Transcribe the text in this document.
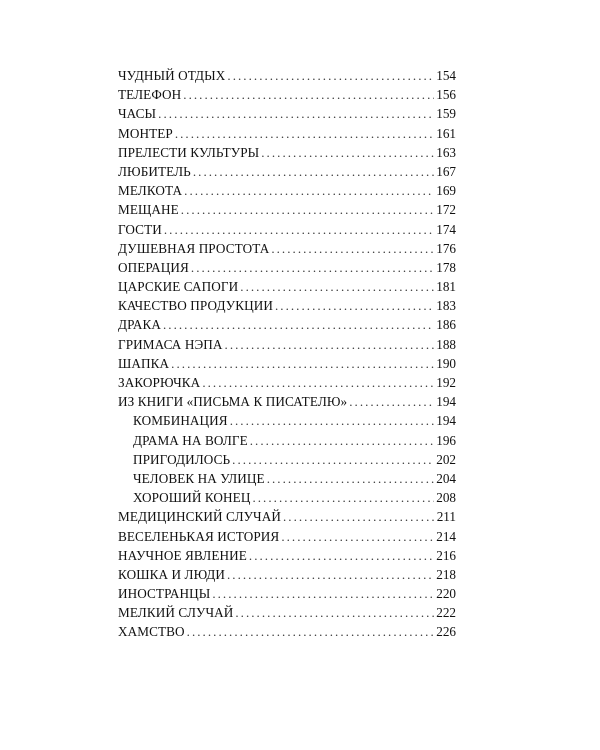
ЧУДНЫЙ ОТДЫХ . . .	154
ТЕЛЕФОН . . .	156
ЧАСЫ . . .	159
МОНТЕР . . .	161
ПРЕЛЕСТИ КУЛЬТУРЫ . . .	163
ЛЮБИТЕЛЬ . . .	167
МЕЛКОТА . . .	169
МЕЩАНЕ . . .	172
ГОСТИ . . .	174
ДУШЕВНАЯ ПРОСТОТА . . .	176
ОПЕРАЦИЯ . . .	178
ЦАРСКИЕ САПОГИ . . .	181
КАЧЕСТВО ПРОДУКЦИИ . . .	183
ДРАКА . . .	186
ГРИМАСА НЭПА . . .	188
ШАПКА . . .	190
ЗАКОРЮЧКА . . .	192
ИЗ КНИГИ «ПИСЬМА К ПИСАТЕЛЮ» . . .	194
КОМБИНАЦИЯ . . .	194
ДРАМА НА ВОЛГЕ . . .	196
ПРИГОДИЛОСЬ . . .	202
ЧЕЛОВЕК НА УЛИЦЕ . . .	204
ХОРОШИЙ КОНЕЦ . . .	208
МЕДИЦИНСКИЙ СЛУЧАЙ . . .	211
ВЕСЕЛЕНЬКАЯ ИСТОРИЯ . . .	214
НАУЧНОЕ ЯВЛЕНИЕ . . .	216
КОШКА И ЛЮДИ . . .	218
ИНОСТРАНЦЫ . . .	220
МЕЛКИЙ СЛУЧАЙ . . .	222
ХАМСТВО . . .	226
